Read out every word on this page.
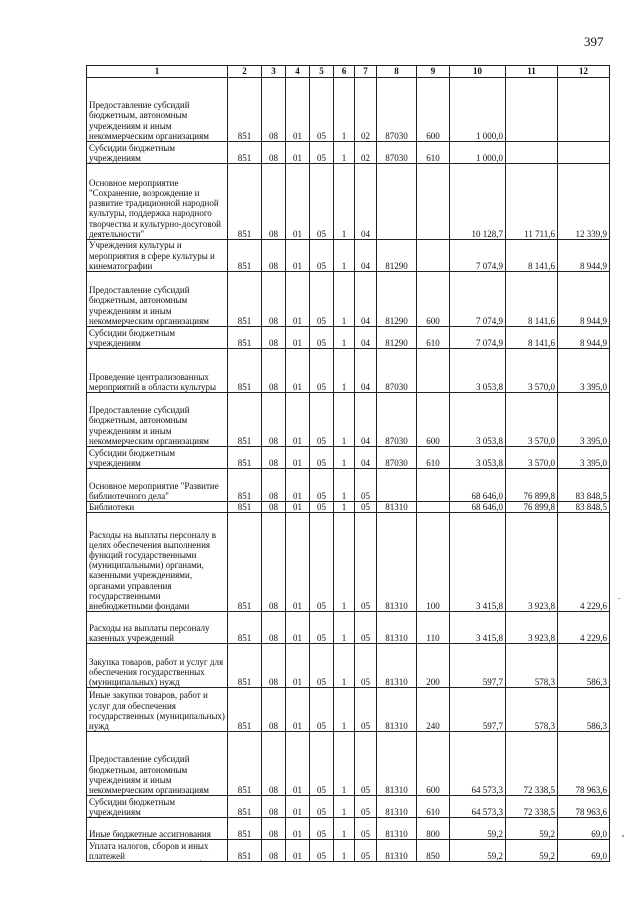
397
1	2	3	4	5	6	7	8	9	10	11	12
Предоставление субсидий бюджетным, автономным учреждениям и иным некоммерческим организациям	851	08	01	05	1	02	87030	600	1 000,0		
Субсидии бюджетным учреждениям	851	08	01	05	1	02	87030	610	1 000,0		
Основное мероприятие "Сохранение, возрождение и развитие традиционной народной культуры, поддержка народного творчества и культурно-досуговой деятельности"	851	08	01	05	1	04			10 128,7	11 711,6	12 339,9
Учреждения культуры и мероприятия в сфере культуры и кинематографии	851	08	01	05	1	04	81290		7 074,9	8 141,6	8 944,9
Предоставление субсидий бюджетным, автономным учреждениям и иным некоммерческим организациям	851	08	01	05	1	04	81290	600	7 074,9	8 141,6	8 944,9
Субсидии бюджетным учреждениям	851	08	01	05	1	04	81290	610	7 074,9	8 141,6	8 944,9
Проведение централизованных мероприятий в области культуры	851	08	01	05	1	04	87030		3 053,8	3 570,0	3 395,0
Предоставление субсидий бюджетным, автономным учреждениям и иным некоммерческим организациям	851	08	01	05	1	04	87030	600	3 053,8	3 570,0	3 395,0
Субсидии бюджетным учреждениям	851	08	01	05	1	04	87030	610	3 053,8	3 570,0	3 395,0
Основное мероприятие "Развитие библиотечного дела"	851	08	01	05	1	05			68 646,0	76 899,8	83 848,5
Библиотеки	851	08	01	05	1	05	81310		68 646,0	76 899,8	83 848,5
Расходы на выплаты персоналу в целях обеспечения выполнения функций государственными (муниципальными) органами, казенными учреждениями, органами управления государственными внебюджетными фондами	851	08	01	05	1	05	81310	100	3 415,8	3 923,8	4 229,6
Расходы на выплаты персоналу казенных учреждений	851	08	01	05	1	05	81310	110	3 415,8	3 923,8	4 229,6
Закупка товаров, работ и услуг для обеспечения государственных (муниципальных) нужд	851	08	01	05	1	05	81310	200	597,7	578,3	586,3
Иные закупки товаров, работ и услуг для обеспечения государственных (муниципальных) нужд	851	08	01	05	1	05	81310	240	597,7	578,3	586,3
Предоставление субсидий бюджетным, автономным учреждениям и иным некоммерческим организациям	851	08	01	05	1	05	81310	600	64 573,3	72 338,5	78 963,6
Субсидии бюджетным учреждениям	851	08	01	05	1	05	81310	610	64 573,3	72 338,5	78 963,6
Иные бюджетные ассигнования	851	08	01	05	1	05	81310	800	59,2	59,2	69,0
Уплата налогов, сборов и иных платежей	851	08	01	05	1	05	81310	850	59,2	59,2	69,0
